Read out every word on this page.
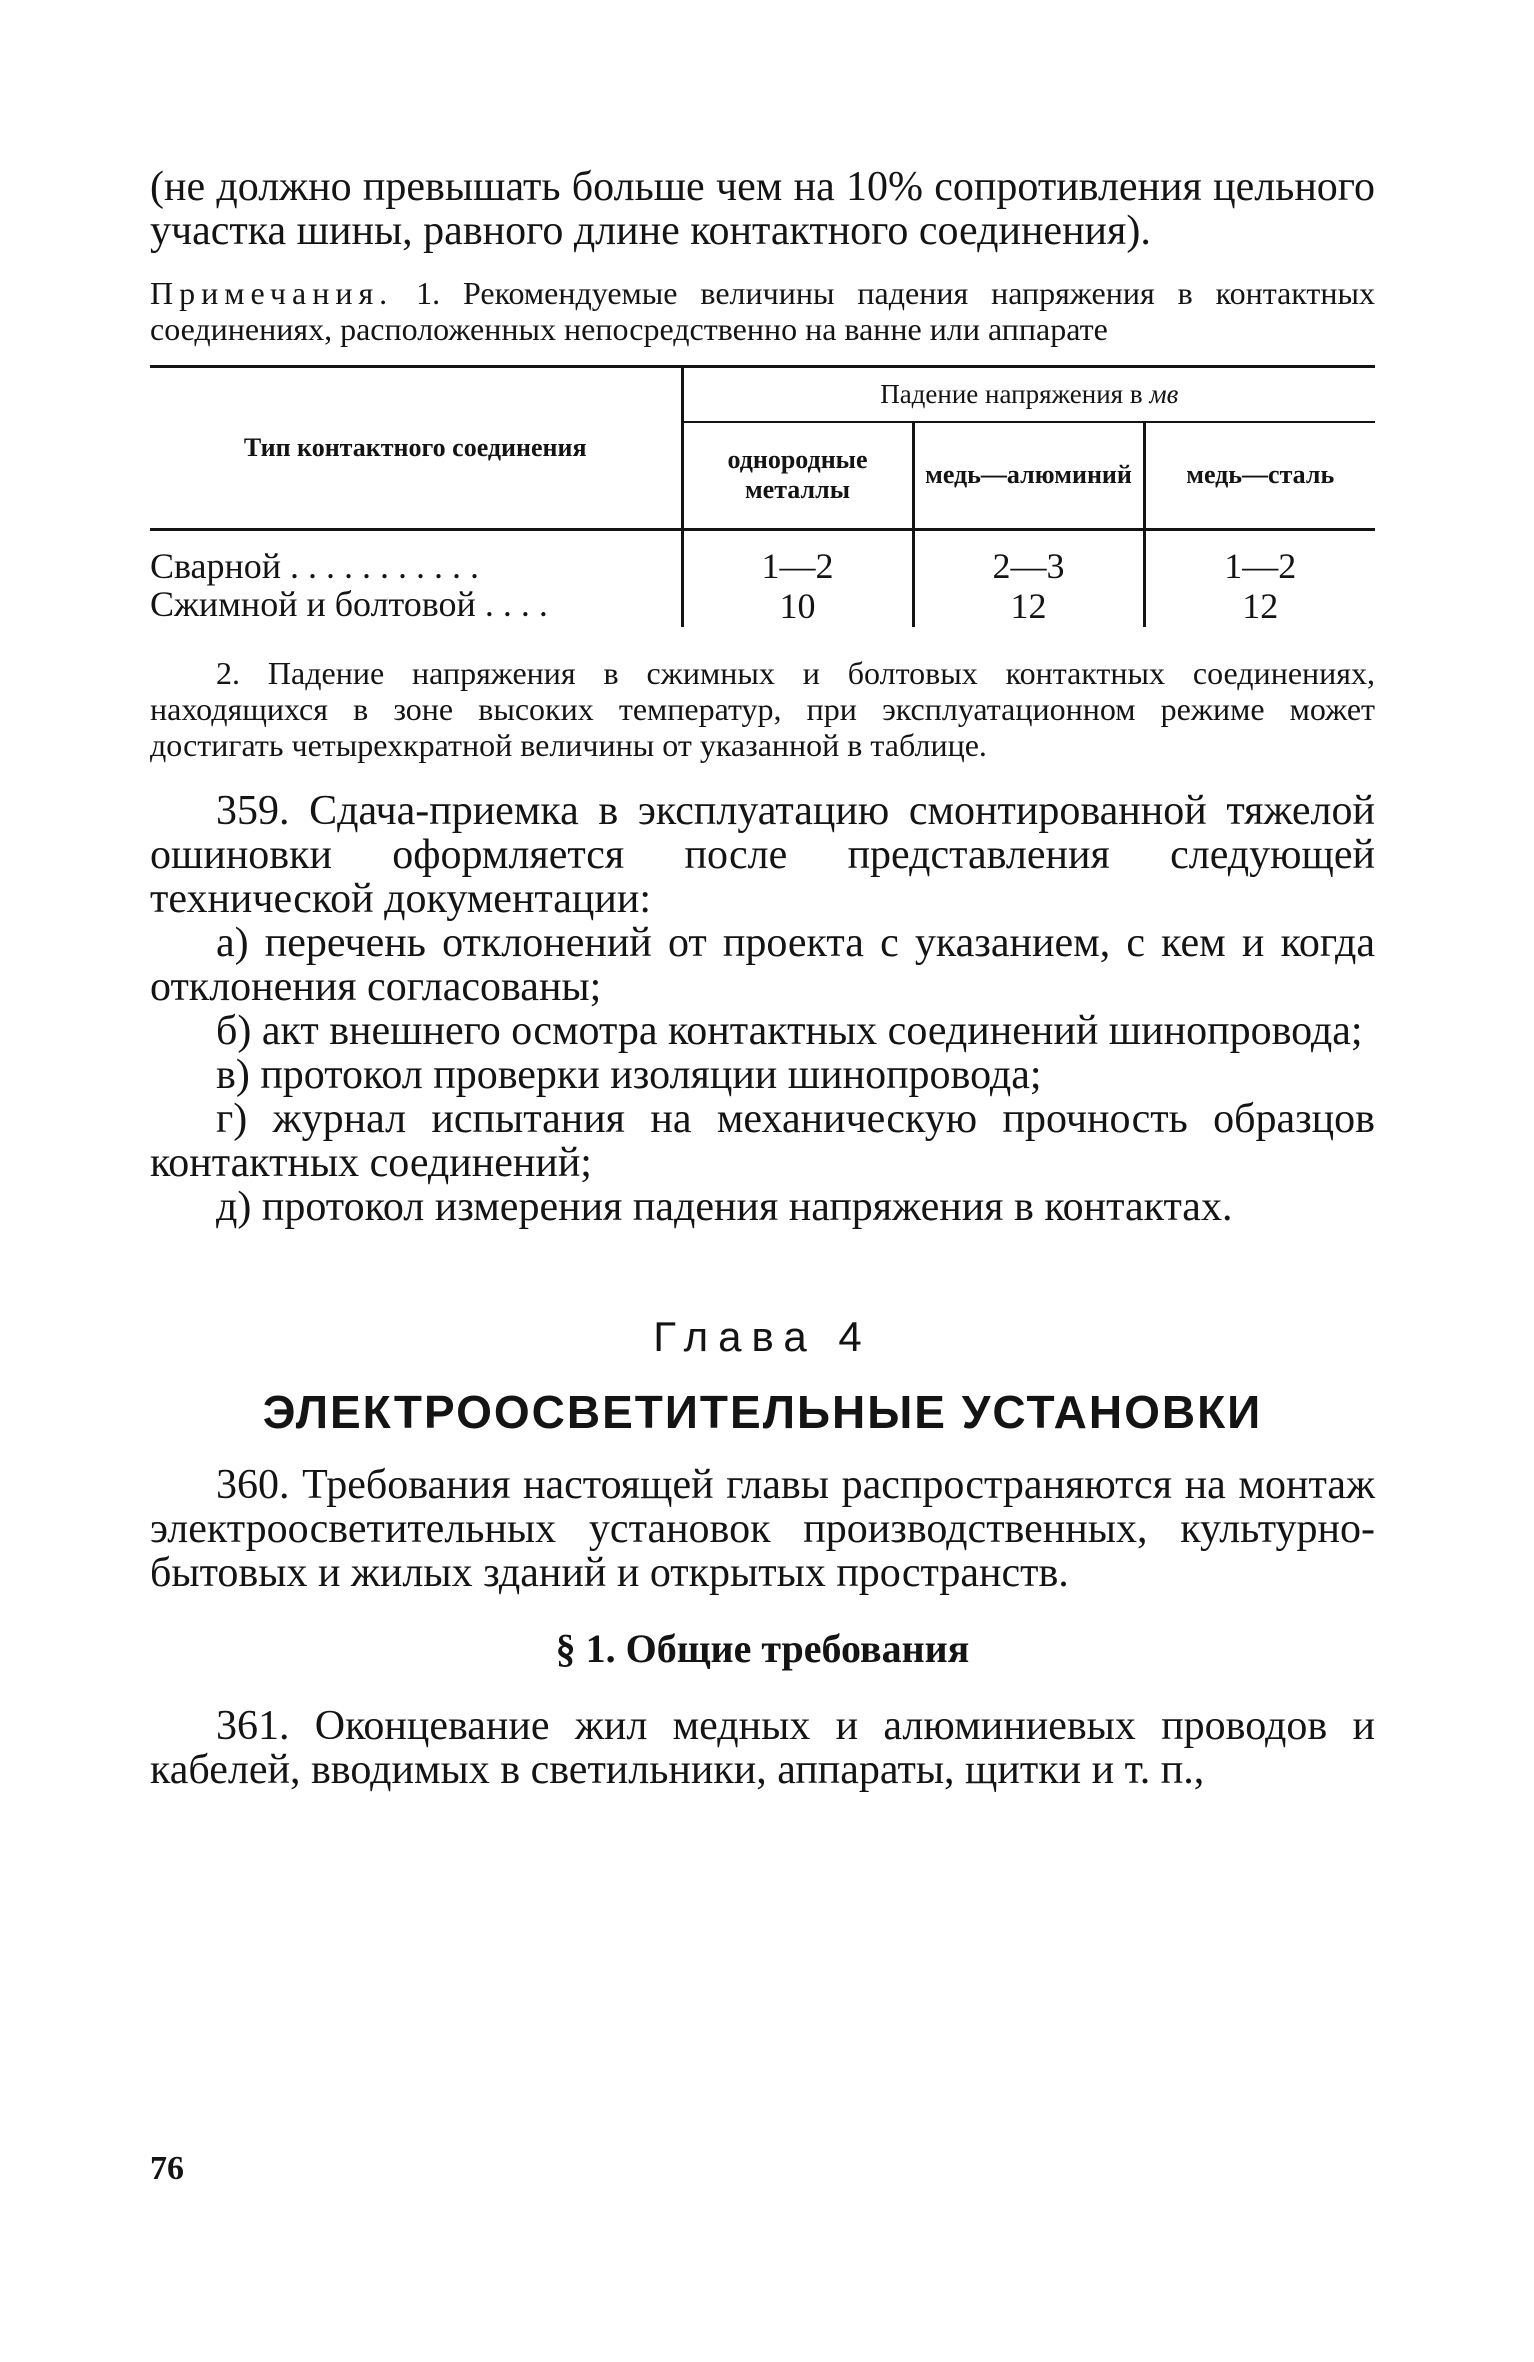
(не должно превышать больше чем на 10% сопротивления цельного участка шины, равного длине контактного соединения).

Примечания. 1. Рекомендуемые величины падения напряжения в контактных соединениях, расположенных непосредственно на ванне или аппарате

Тип контактного соединения	Падение напряжения в мв		
	однородные металлы	медь—алюминий	медь—сталь
Сварной . . . . . . . . . . .	1—2	2—3	1—2
Сжимной и болтовой . . . .	10	12	12

2. Падение напряжения в сжимных и болтовых контактных соединениях, находящихся в зоне высоких температур, при эксплуатационном режиме может достигать четырехкратной величины от указанной в таблице.

359. Сдача-приемка в эксплуатацию смонтированной тяжелой ошиновки оформляется после представления следующей технической документации:

а) перечень отклонений от проекта с указанием, с кем и когда отклонения согласованы;

б) акт внешнего осмотра контактных соединений шинопровода;

в) протокол проверки изоляции шинопровода;

г) журнал испытания на механическую прочность образцов контактных соединений;

д) протокол измерения падения напряжения в контактах.

Глава 4

ЭЛЕКТРООСВЕТИТЕЛЬНЫЕ УСТАНОВКИ

360. Требования настоящей главы распространяются на монтаж электроосветительных установок производственных, культурно-бытовых и жилых зданий и открытых пространств.

§ 1. Общие требования

361. Оконцевание жил медных и алюминиевых проводов и кабелей, вводимых в светильники, аппараты, щитки и т. п.,

76
